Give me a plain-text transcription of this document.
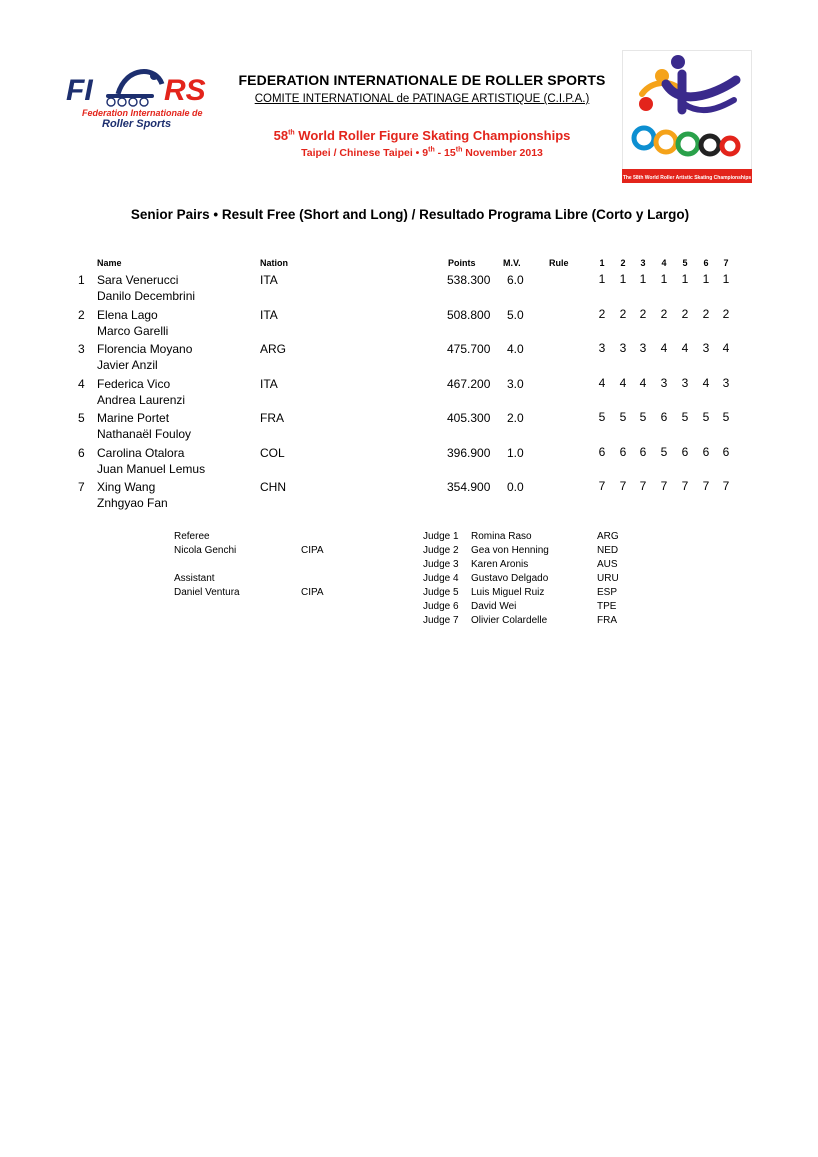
FI RS
Federation Internationale de
Roller Sports
FEDERATION INTERNATIONALE DE ROLLER SPORTS
COMITE INTERNATIONAL de PATINAGE ARTISTIQUE (C.I.P.A.)
58th World Roller Figure Skating Championships
Taipei / Chinese Taipei • 9th - 15th November 2013
The 58th World Roller Artistic Skating Championships
Senior Pairs • Result Free (Short and Long) / Resultado Programa Libre (Corto y Largo)
Name	Nation	Points	M.V.	Rule	1	2	3	4	5	6	7
1 Sara Venerucci
Danilo Decembrini
ITA	538.300 6.0	1	1	1	1	1	1	1
2 Elena Lago
Marco Garelli
ITA	508.800 5.0	2	2	2	2	2	2	2
3 Florencia Moyano
Javier Anzil
ARG	475.700 4.0	3	3	3	4	4	3	4
4 Federica Vico
Andrea Laurenzi
ITA	467.200 3.0	4	4	4	3	3	4	3
5 Marine Portet
Nathanaël Fouloy
FRA	405.300 2.0	5	5	5	6	5	5	5
6 Carolina Otalora
Juan Manuel Lemus
COL	396.900 1.0	6	6	6	5	6	6	6
7 Xing Wang
Znhgyao Fan
CHN	354.900 0.0	7	7	7	7	7	7	7
Referee
Nicola Genchi	CIPA
Assistant
Daniel Ventura	CIPA
Judge 1 Romina Raso	ARG
Judge 2 Gea von Henning	NED
Judge 3 Karen Aronis	AUS
Judge 4 Gustavo Delgado	URU
Judge 5 Luis Miguel Ruiz	ESP
Judge 6 David Wei	TPE
Judge 7 Olivier Colardelle	FRA
